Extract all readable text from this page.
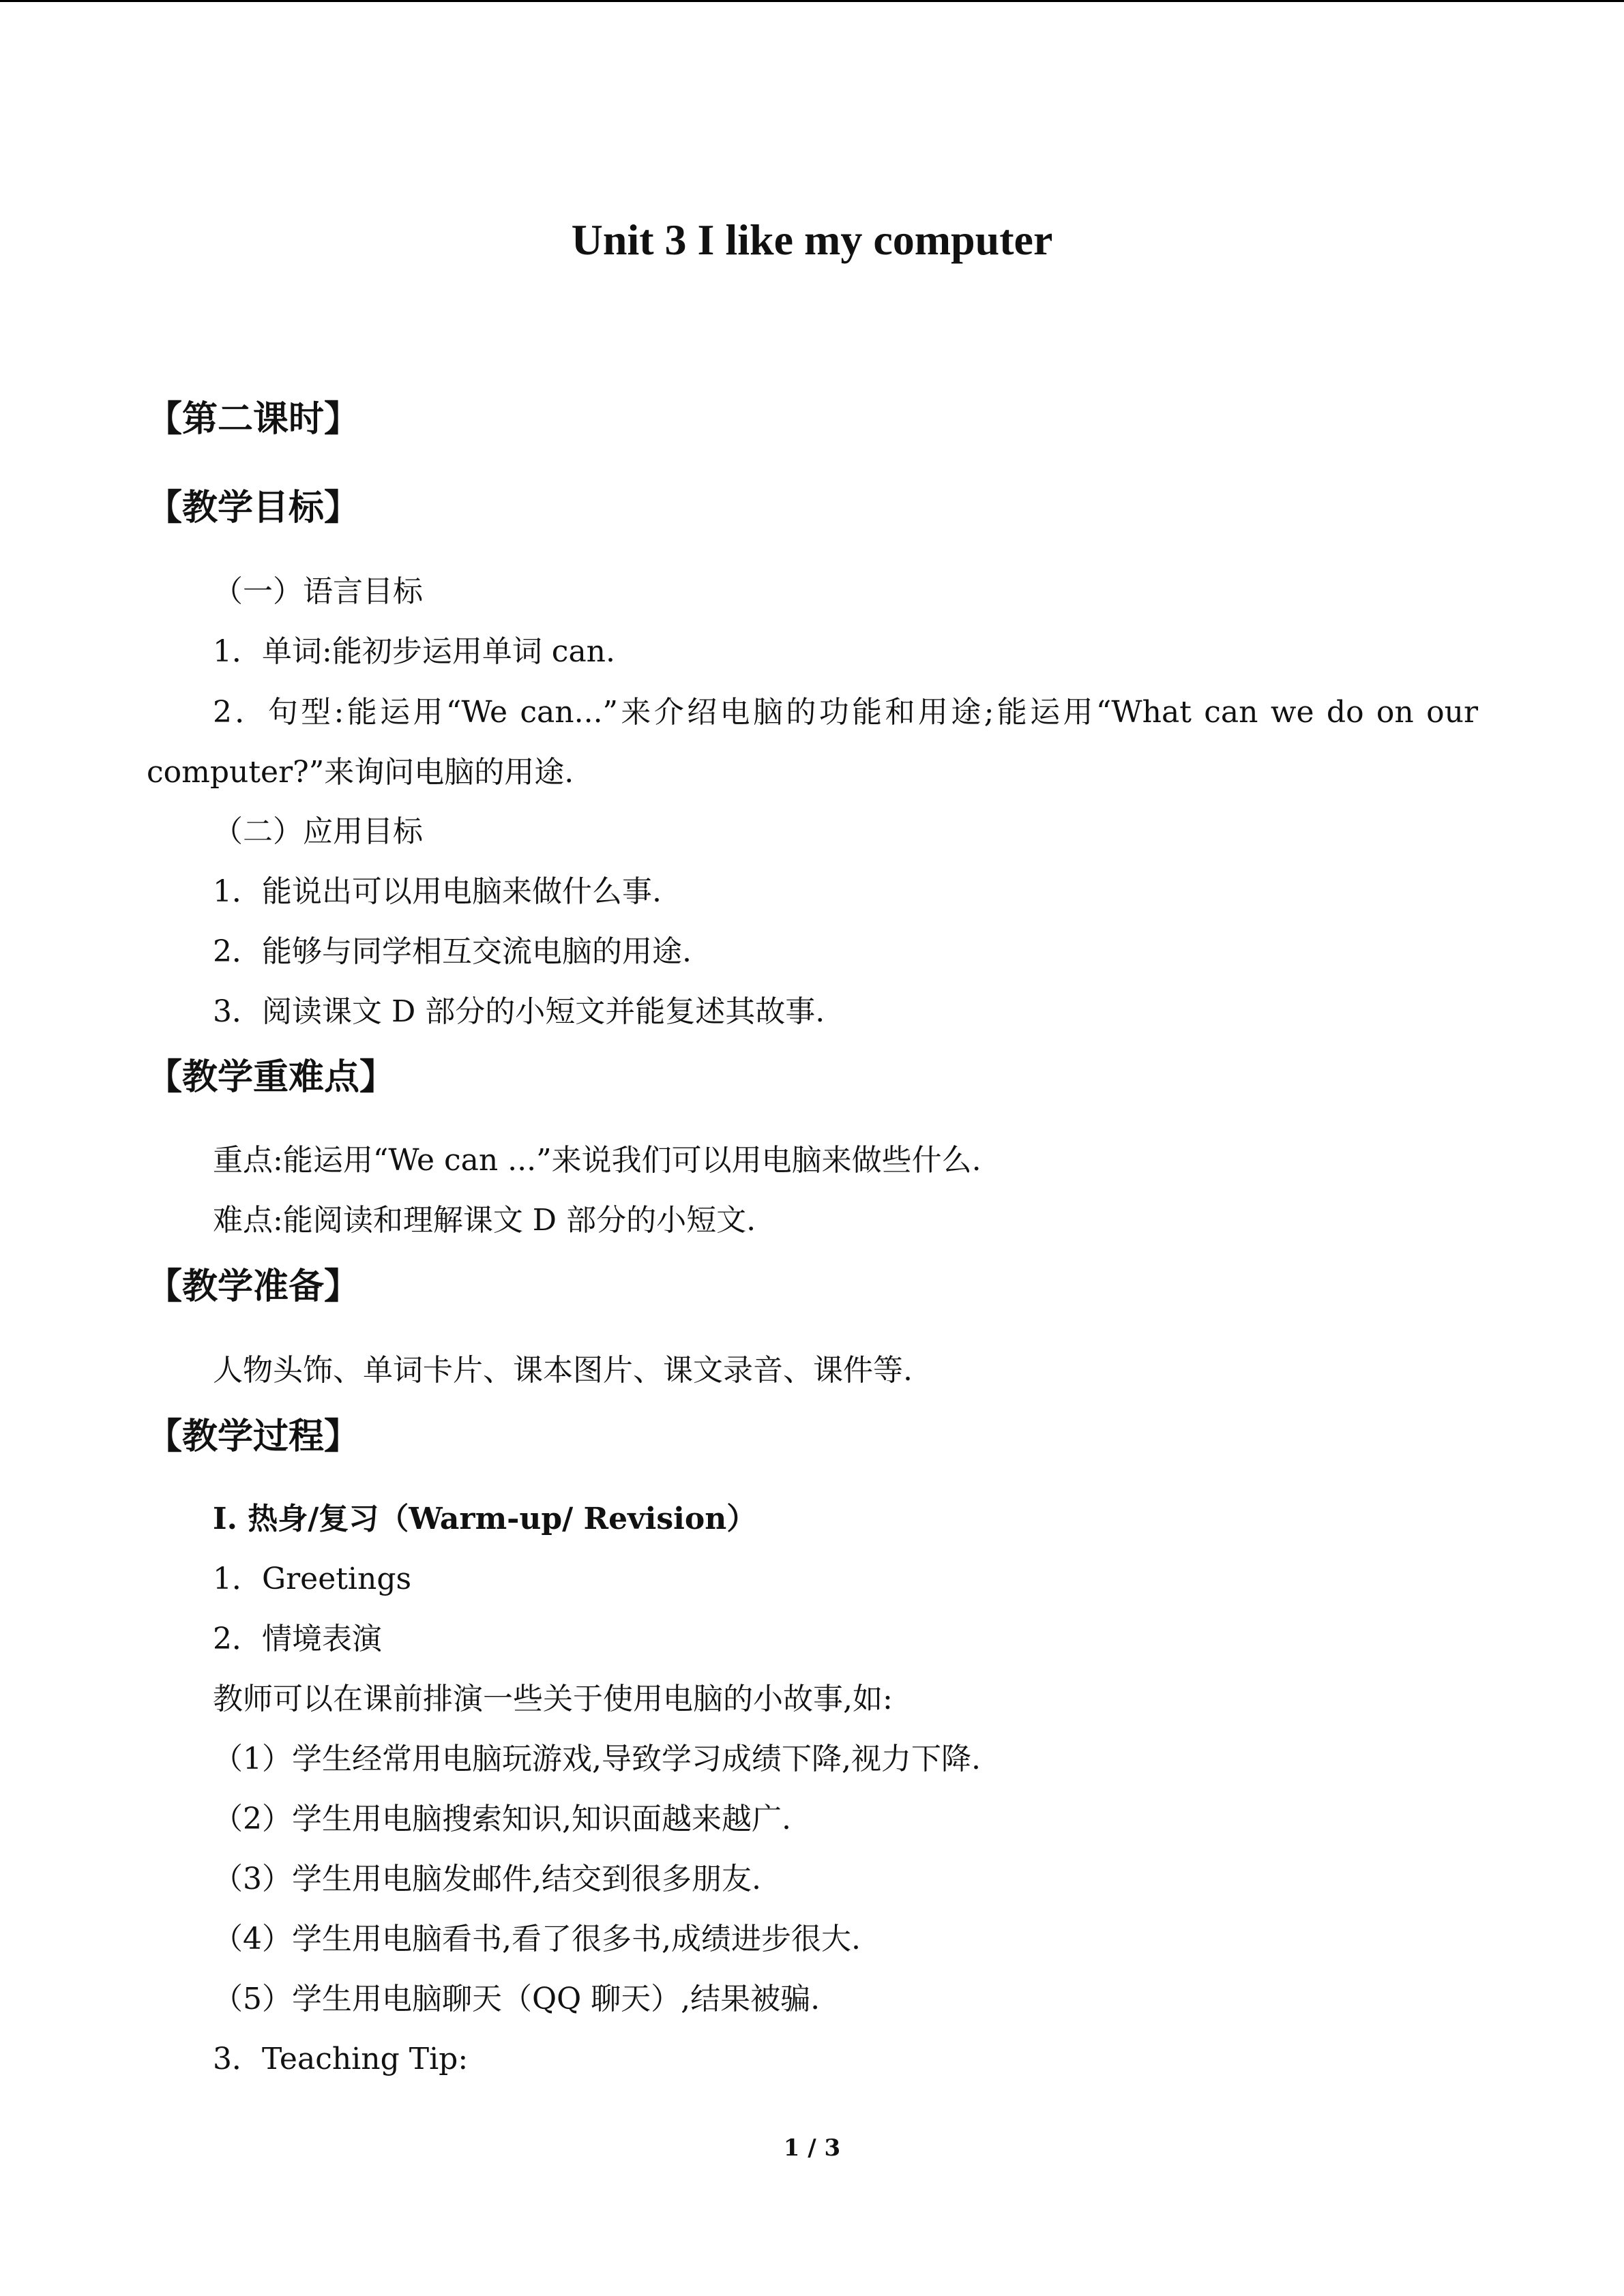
Unit 3 I like my computer
【第二课时】
【教学目标】
（一）语言目标
1．单词:能初步运用单词 can.
2．句型:能运用“We can...”来介绍电脑的功能和用途;能运用“What can we do on our
computer?”来询问电脑的用途.
（二）应用目标
1．能说出可以用电脑来做什么事.
2．能够与同学相互交流电脑的用途.
3．阅读课文 D 部分的小短文并能复述其故事.
【教学重难点】
重点:能运用“We can ...”来说我们可以用电脑来做些什么.
难点:能阅读和理解课文 D 部分的小短文.
【教学准备】
人物头饰、单词卡片、课本图片、课文录音、课件等.
【教学过程】
I. 热身/复习（Warm-up/ Revision）
1．Greetings
2．情境表演
教师可以在课前排演一些关于使用电脑的小故事,如:
（1）学生经常用电脑玩游戏,导致学习成绩下降,视力下降.
（2）学生用电脑搜索知识,知识面越来越广.
（3）学生用电脑发邮件,结交到很多朋友.
（4）学生用电脑看书,看了很多书,成绩进步很大.
（5）学生用电脑聊天（QQ 聊天）,结果被骗.
3．Teaching Tip:
1 / 3
